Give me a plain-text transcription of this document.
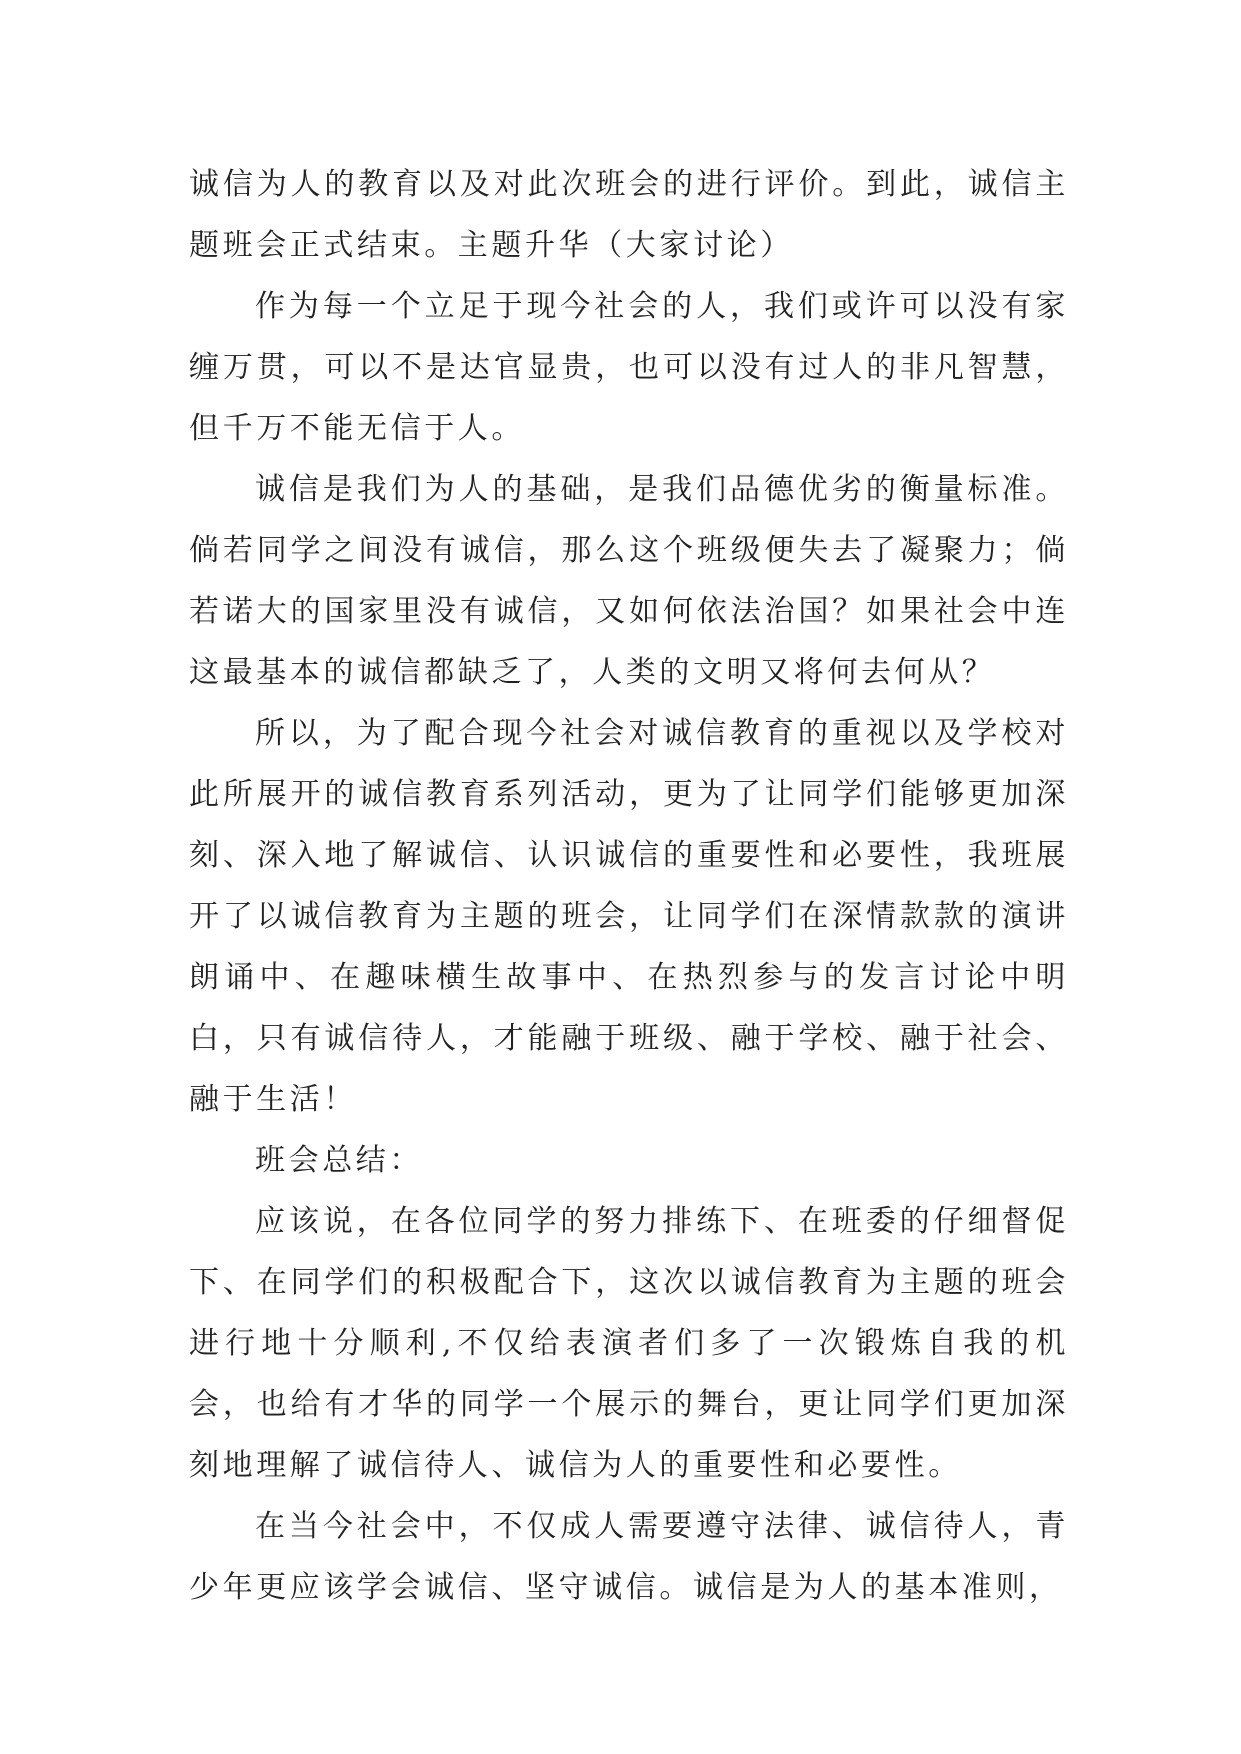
诚信为人的教育以及对此次班会的进行评价。到此，诚信主题班会正式结束。主题升华（大家讨论）

作为每一个立足于现今社会的人，我们或许可以没有家缠万贯，可以不是达官显贵，也可以没有过人的非凡智慧，但千万不能无信于人。

诚信是我们为人的基础，是我们品德优劣的衡量标准。倘若同学之间没有诚信，那么这个班级便失去了凝聚力；倘若诺大的国家里没有诚信，又如何依法治国？如果社会中连这最基本的诚信都缺乏了，人类的文明又将何去何从？

所以，为了配合现今社会对诚信教育的重视以及学校对此所展开的诚信教育系列活动，更为了让同学们能够更加深刻、深入地了解诚信、认识诚信的重要性和必要性，我班展开了以诚信教育为主题的班会，让同学们在深情款款的演讲朗诵中、在趣味横生故事中、在热烈参与的发言讨论中明白，只有诚信待人，才能融于班级、融于学校、融于社会、融于生活！

班会总结：

应该说，在各位同学的努力排练下、在班委的仔细督促下、在同学们的积极配合下，这次以诚信教育为主题的班会进行地十分顺利,不仅给表演者们多了一次锻炼自我的机会，也给有才华的同学一个展示的舞台，更让同学们更加深刻地理解了诚信待人、诚信为人的重要性和必要性。

在当今社会中，不仅成人需要遵守法律、诚信待人，青少年更应该学会诚信、坚守诚信。诚信是为人的基本准则，
